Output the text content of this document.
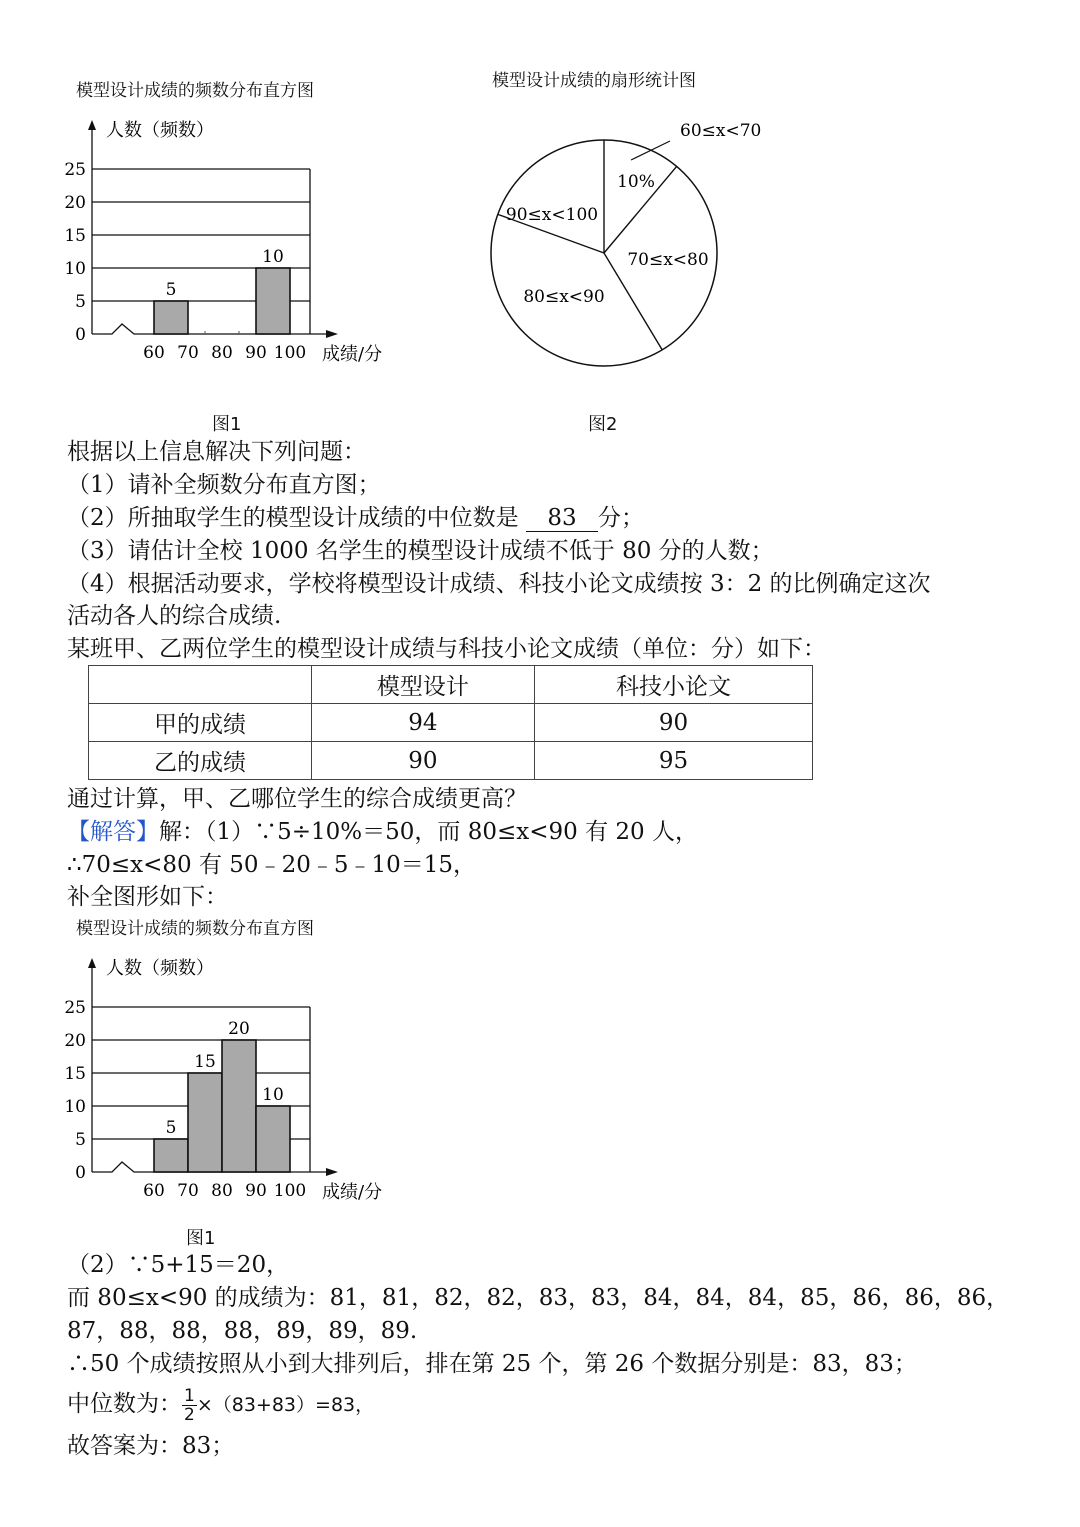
模型设计成绩的频数分布直方图
0
5
10
15
20
25
人数（频数）
成绩/分
60 70 80 90 100
5
10
图1
模型设计成绩的扇形统计图
60≤x<70
70≤x<80
80≤x<90
90≤x<100
10%
图2
根据以上信息解决下列问题：
（1）请补全频数分布直方图；
（2）所抽取学生的模型设计成绩的中位数是 83 分；
（3）请估计全校 1000 名学生的模型设计成绩不低于 80 分的人数；
（4）根据活动要求，学校将模型设计成绩、科技小论文成绩按 3：2 的比例确定这次
活动各人的综合成绩.
某班甲、乙两位学生的模型设计成绩与科技小论文成绩（单位：分）如下：
	模型设计	科技小论文
甲的成绩	94	90
乙的成绩	90	95
通过计算，甲、乙哪位学生的综合成绩更高？
【解答】解：（1）∵5÷10%＝50，而 80≤x<90 有 20 人，
∴70≤x<80 有 50﹣20﹣5﹣10＝15，
补全图形如下：
模型设计成绩的频数分布直方图
0
5
10
15
20
25
人数（频数）
成绩/分
60 70 80 90 100
5
15
20
10
图1
（2）∵5+15＝20，
而 80≤x<90 的成绩为：81，81，82，82，83，83，84，84，84，85，86，86，86，
87，88，88，88，89，89，89.
∴50 个成绩按照从小到大排列后，排在第 25 个，第 26 个数据分别是：83，83；
中位数为： $\frac{1}{2} \times(83+83)=83$，
故答案为：83；
